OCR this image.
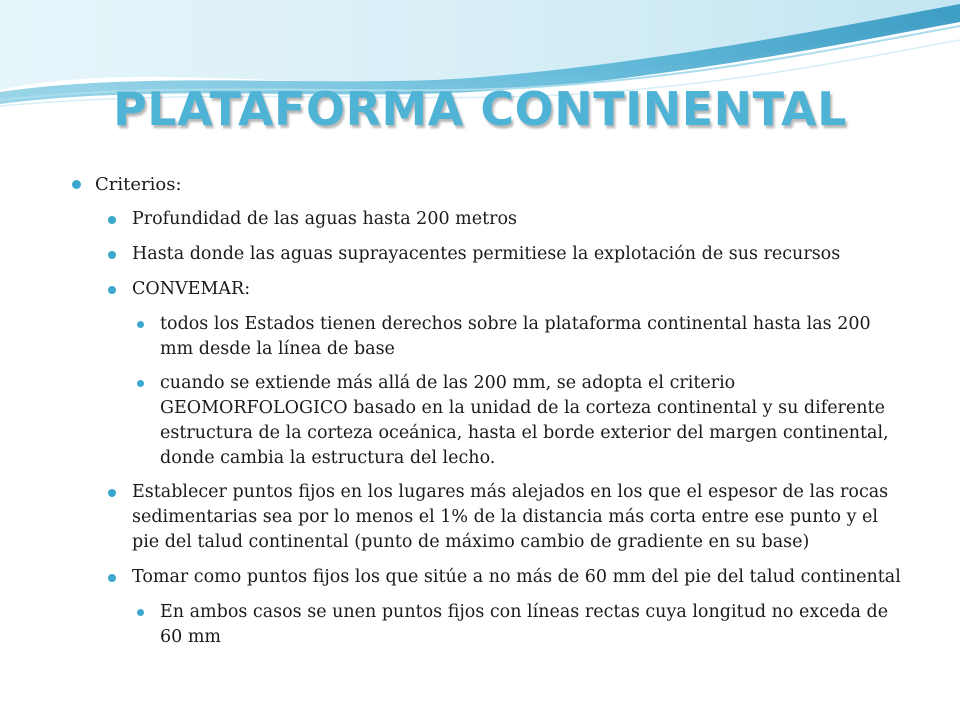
PLATAFORMA CONTINENTAL

Criterios:

Profundidad de las aguas hasta 200 metros

Hasta donde las aguas suprayacentes permitiese la explotación de sus recursos

CONVEMAR:

todos los Estados tienen derechos sobre la plataforma continental hasta las 200 mm desde la línea de base

cuando se extiende más allá de las 200 mm, se adopta el criterio GEOMORFOLOGICO basado en la unidad de la corteza continental y su diferente estructura de la corteza oceánica, hasta el borde exterior del margen continental, donde cambia la estructura del lecho.

Establecer puntos fijos en los lugares más alejados en los que el espesor de las rocas sedimentarias sea por lo menos el 1% de la distancia más corta entre ese punto y el pie del talud continental (punto de máximo cambio de gradiente en su base)

Tomar como puntos fijos los que sitúe a no más de 60 mm del pie del talud continental

En ambos casos se unen puntos fijos con líneas rectas cuya longitud no exceda de 60 mm
